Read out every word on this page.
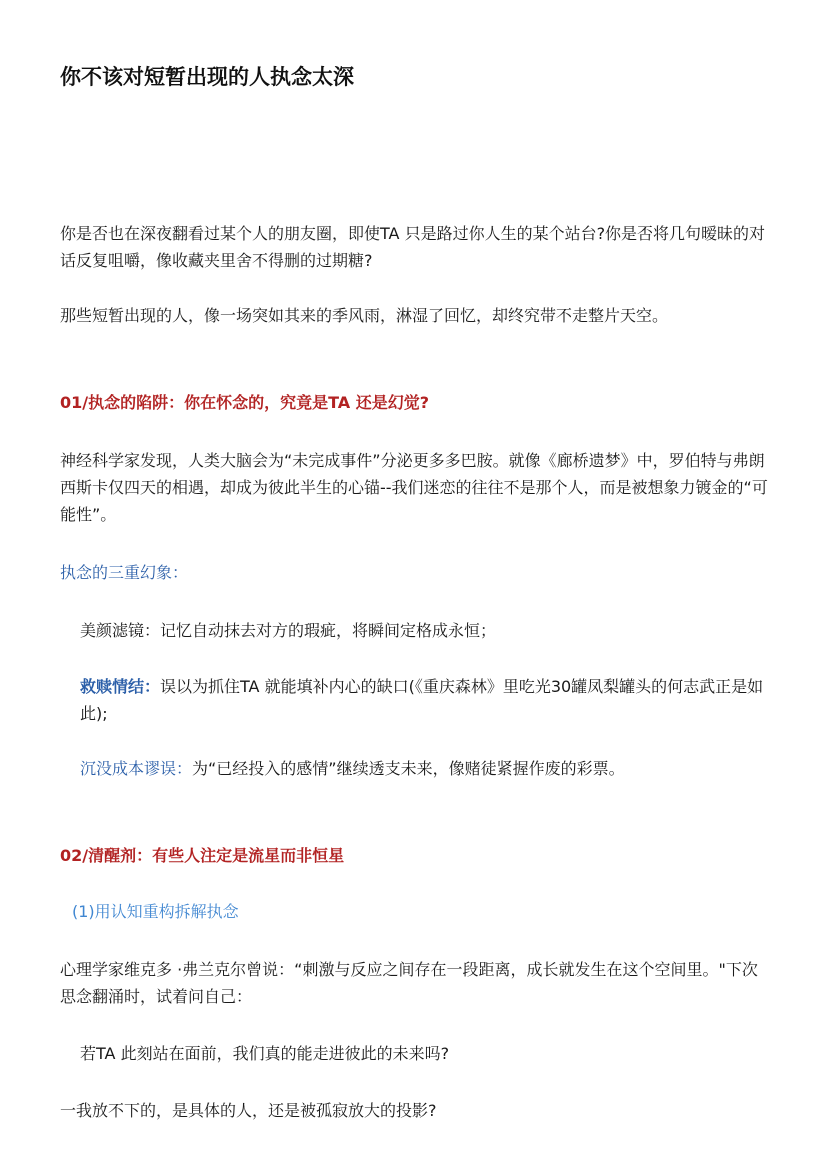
你不该对短暂出现的人执念太深

你是否也在深夜翻看过某个人的朋友圈，即使TA 只是路过你人生的某个站台?你是否将几句暧昧的对话反复咀嚼，像收藏夹里舍不得删的过期糖?

那些短暂出现的人，像一场突如其来的季风雨，淋湿了回忆，却终究带不走整片天空。

01/执念的陷阱：你在怀念的，究竟是TA 还是幻觉?

神经科学家发现，人类大脑会为“未完成事件”分泌更多多巴胺。就像《廊桥遗梦》中，罗伯特与弗朗西斯卡仅四天的相遇，却成为彼此半生的心锚--我们迷恋的往往不是那个人，而是被想象力镀金的“可能性”。

执念的三重幻象：

美颜滤镜：记忆自动抹去对方的瑕疵，将瞬间定格成永恒；

救赎情结：误以为抓住TA 就能填补内心的缺口(《重庆森林》里吃光30罐凤梨罐头的何志武正是如此);

沉没成本谬误：为“已经投入的感情”继续透支未来，像赌徒紧握作废的彩票。

02/清醒剂：有些人注定是流星而非恒星

(1)用认知重构拆解执念

心理学家维克多 ·弗兰克尔曾说：“刺激与反应之间存在一段距离，成长就发生在这个空间里。"下次思念翻涌时，试着问自己：

若TA 此刻站在面前，我们真的能走进彼此的未来吗?

一我放不下的，是具体的人，还是被孤寂放大的投影?
